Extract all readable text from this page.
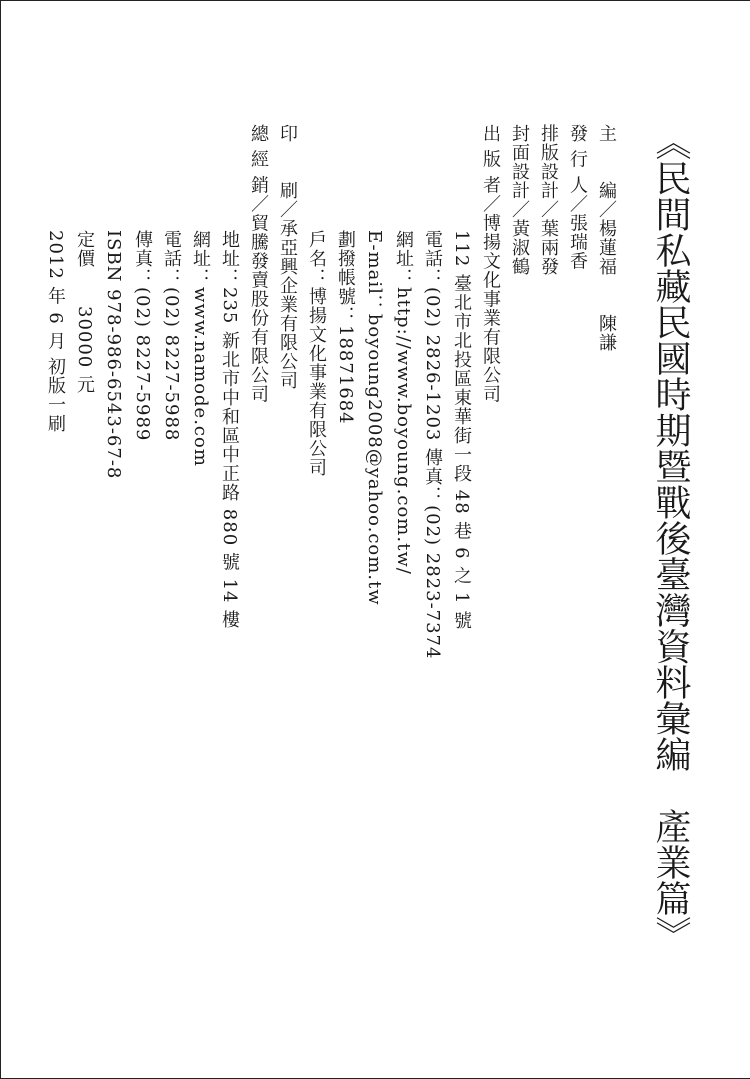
《民間私藏民國時期暨戰後臺灣資料彙編　產業篇》
主　　編／楊蓮福　　陳謙
發 行 人／張瑞香
排版設計／葉兩發
封面設計／黃淑鶴
出 版 者／博揚文化事業有限公司
112 臺北市北投區東華街一段 48 巷 6 之 1 號
電話：(02) 2826-1203 傳真：(02) 2823-7374
網址：http://www.boyoung.com.tw/
E-mail：boyoung2008@yahoo.com.tw
劃撥帳號：18871684
戶名：博揚文化事業有限公司
印　　刷／承亞興企業有限公司
總 經 銷／貿騰發賣股份有限公司
地址：235 新北市中和區中正路 880 號 14 樓
網址：www.namode.com
電話：(02) 8227-5988
傳真：(02) 8227-5989
ISBN 978-986-6543-67-8
定價　　30000 元
2012 年 6 月 初版一刷
